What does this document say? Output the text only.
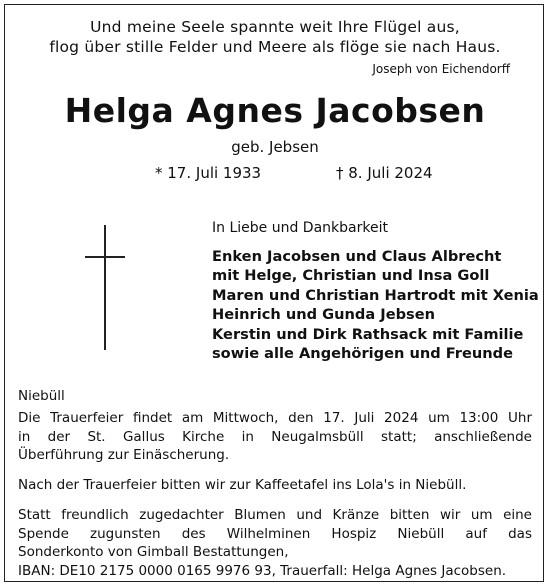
Und meine Seele spannte weit Ihre Flügel aus,
flog über stille Felder und Meere als flöge sie nach Haus.
Joseph von Eichendorff
Helga Agnes Jacobsen
geb. Jebsen
* 17. Juli 1933	† 8. Juli 2024
In Liebe und Dankbarkeit
Enken Jacobsen und Claus Albrecht
mit Helge, Christian und Insa Goll
Maren und Christian Hartrodt mit Xenia
Heinrich und Gunda Jebsen
Kerstin und Dirk Rathsack mit Familie
sowie alle Angehörigen und Freunde
Niebüll

Die Trauerfeier findet am Mittwoch, den 17. Juli 2024 um 13:00 Uhr
in der St. Gallus Kirche in Neugalmsbüll statt; anschließende
Überführung zur Einäscherung.

Nach der Trauerfeier bitten wir zur Kaffeetafel ins Lola's in Niebüll.

Statt freundlich zugedachter Blumen und Kränze bitten wir um eine
Spende zugunsten des Wilhelminen Hospiz Niebüll auf das
Sonderkonto von Gimball Bestattungen,
IBAN: DE10 2175 0000 0165 9976 93, Trauerfall: Helga Agnes Jacobsen.
